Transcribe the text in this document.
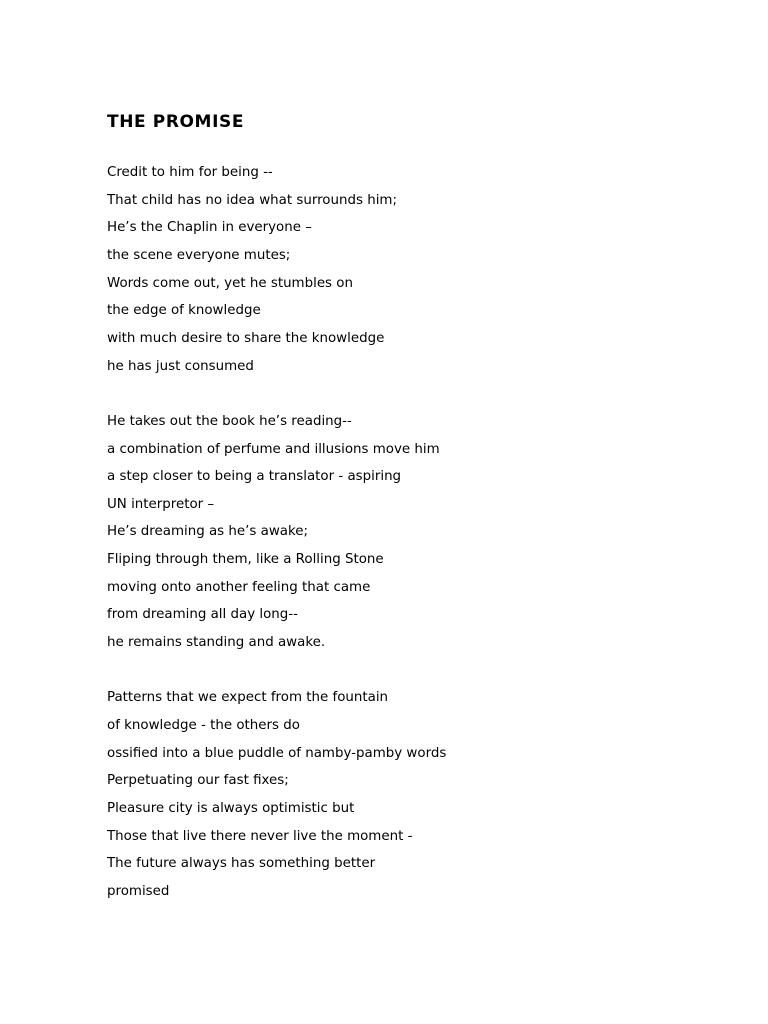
THE PROMISE
Credit to him for being --
That child has no idea what surrounds him;
He’s the Chaplin in everyone –
the scene everyone mutes;
Words come out, yet he stumbles on
the edge of knowledge
with much desire to share the knowledge
he has just consumed
He takes out the book he’s reading--
a combination of perfume and illusions move him
a step closer to being a translator - aspiring
UN interpretor –
He’s dreaming as he’s awake;
Fliping through them, like a Rolling Stone
moving onto another feeling that came
from dreaming all day long--
he remains standing and awake.
Patterns that we expect from the fountain
of knowledge - the others do
ossified into a blue puddle of namby-pamby words
Perpetuating our fast fixes;
Pleasure city is always optimistic but
Those that live there never live the moment -
The future always has something better
promised
